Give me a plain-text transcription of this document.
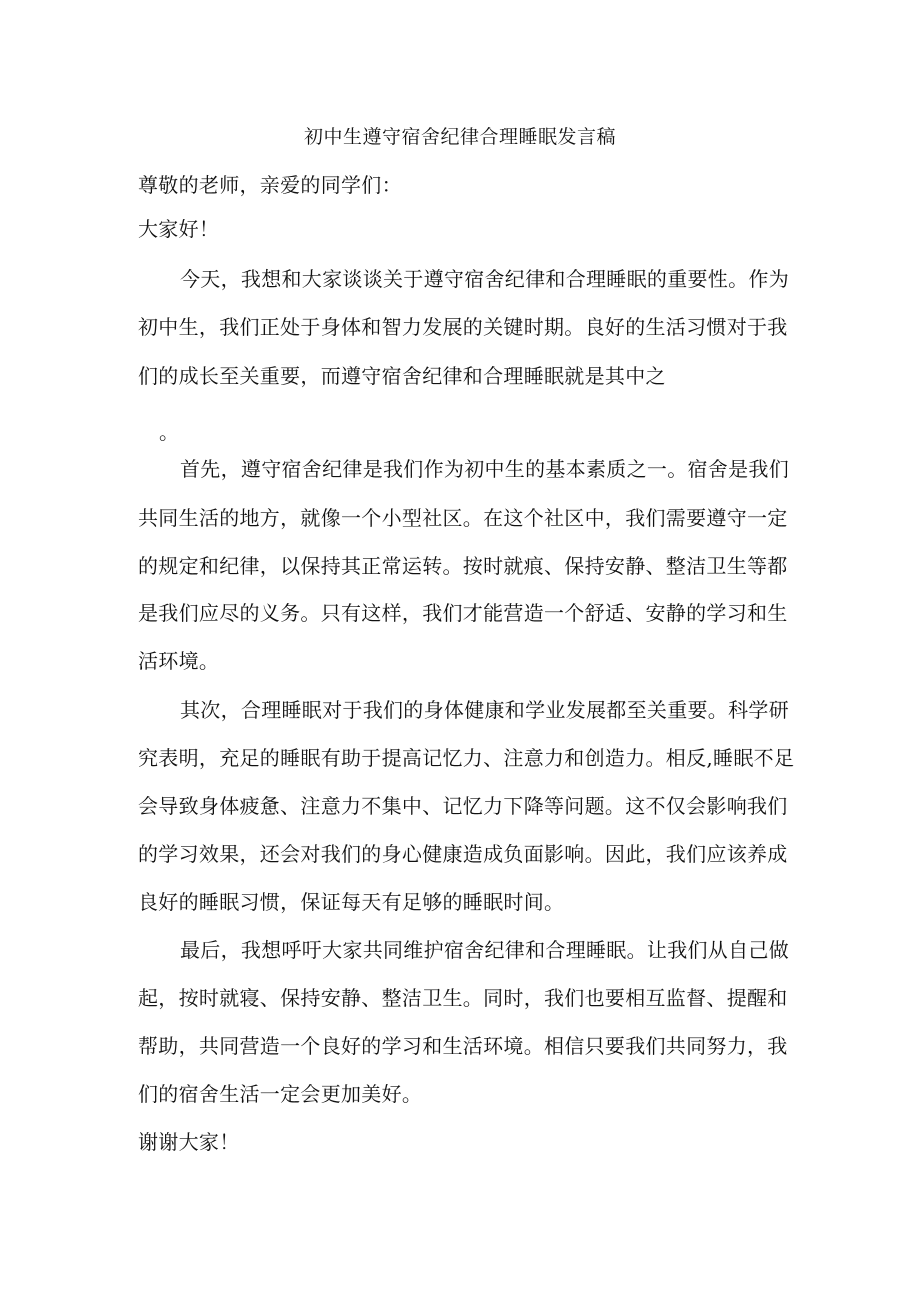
初中生遵守宿舍纪律合理睡眠发言稿
尊敬的老师，亲爱的同学们：
大家好！
今天，我想和大家谈谈关于遵守宿舍纪律和合理睡眠的重要性。作为
初中生，我们正处于身体和智力发展的关键时期。良好的生活习惯对于我
们的成长至关重要，而遵守宿舍纪律和合理睡眠就是其中之
。
首先，遵守宿舍纪律是我们作为初中生的基本素质之一。宿舍是我们
共同生活的地方，就像一个小型社区。在这个社区中，我们需要遵守一定
的规定和纪律，以保持其正常运转。按时就痕、保持安静、整洁卫生等都
是我们应尽的义务。只有这样，我们才能营造一个舒适、安静的学习和生
活环境。
其次，合理睡眠对于我们的身体健康和学业发展都至关重要。科学研
究表明，充足的睡眠有助于提高记忆力、注意力和创造力。相反,睡眠不足
会导致身体疲惫、注意力不集中、记忆力下降等问题。这不仅会影响我们
的学习效果，还会对我们的身心健康造成负面影响。因此，我们应该养成
良好的睡眠习惯，保证每天有足够的睡眠时间。
最后，我想呼吁大家共同维护宿舍纪律和合理睡眠。让我们从自己做
起，按时就寝、保持安静、整洁卫生。同时，我们也要相互监督、提醒和
帮助，共同营造一个良好的学习和生活环境。相信只要我们共同努力，我
们的宿舍生活一定会更加美好。
谢谢大家！
